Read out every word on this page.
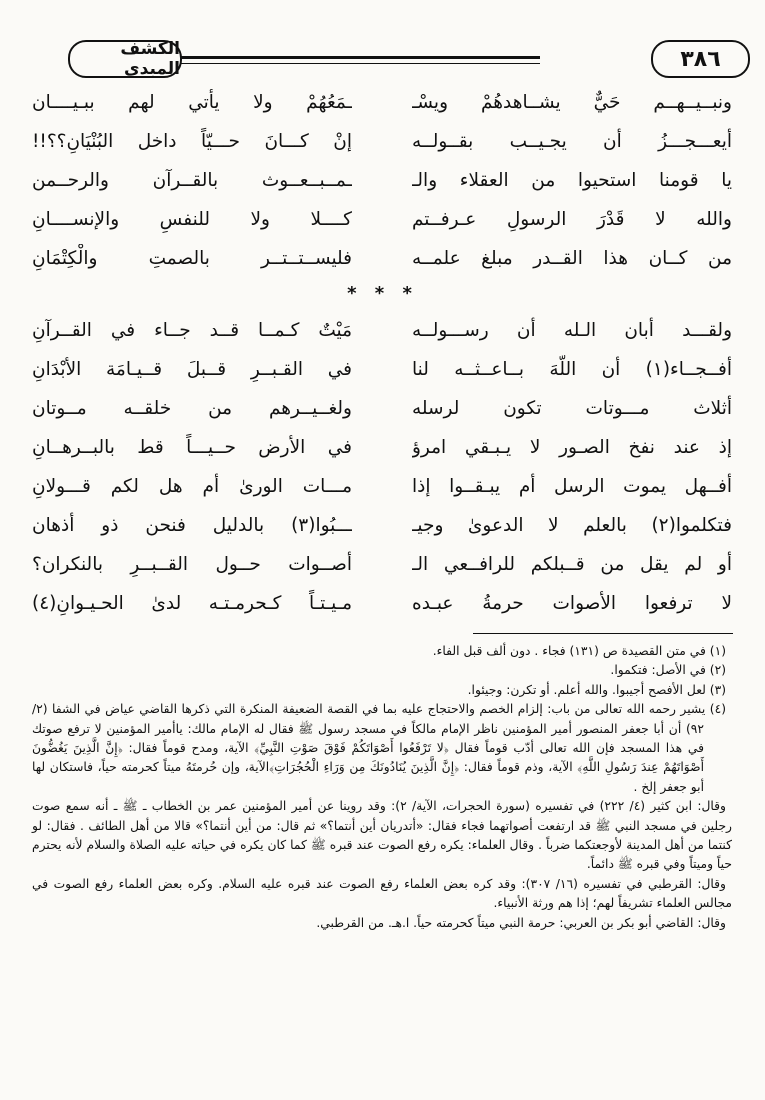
الكشف المبدي	٣٨٦
ونبــيــهــم حَيٌّ يشــاهدهُمْ ويسْـ
ـمَعُهُمْ ولا يأتي لهم ببـيــــان
أيعـــجـــزُ أن يجـيــب بقــولــه
إنْ كـــانَ حـــيّاً داخل البُنْيَانِ؟؟!!
يا قومنا استحيوا من العقلاء والـ
ـمــبــعــوث بالقــرآن والرحــمن
والله لا قَدْرَ الرسولِ عـرفــتم
كــــلا ولا للنفسِ والإنســــانِ
من كــان هذا القــدر مبلغ علمــه
فليســتــتــر بالصمتِ والْكِتْمَانِ
* * *
ولقـــد أبان الـله أن رســـولــه
مَيْتٌ كـمــا قــد جــاء في القــرآنِ
أفــجــاء(١) أن اللّهَ بــاعــثــه لنا
في القـبــرِ قــبلَ قــيـامَة الأبْدَانِ
أثلاث مـــوتات تكون لرسله
ولغــيــرهم من خلقــه مــوتان
إذ عند نفخ الصـور لا يـبـقي امرؤ
في الأرض حــيـــاً قط بالبــرهــانِ
أفــهل يموت الرسل أم يبـقــوا إذا
مـــات الورىٰ أم هل لكم قـــولانِ
فتكلموا(٢) بالعلم لا الدعوىٰ وجيـ
ـــبُوا(٣) بالدليل فنحن ذو أذهان
أو لم يقل من قــبلكم للرافــعي الـ
أصــوات حــول القــبــرِ بالنكران؟
لا ترفعوا الأصوات حرمةُ عبـده
مـيـتـاً كـحرمـتـه لدىٰ الحـيـوانِ(٤)

(١) في متن القصيدة ص (١٣١) فجاء . دون ألف قبل الفاء.

(٢) في الأصل: فتكموا.

(٣) لعل الأفصح أجيبوا. والله أعلم. أو تكرن: وجيئوا.

(٤) يشير رحمه الله تعالى من باب: إلزام الخصم والاحتجاج عليه بما في القصة الضعيفة المنكرة التي ذكرها القاضي عياض في الشفا (٢/ ٩٢) أن أبا جعفر المنصور أمير المؤمنين ناظر الإمام مالكاً في مسجد رسول ﷺ فقال له الإمام مالك: ياأمير المؤمنين لا ترفع صوتك في هذا المسجد فإن الله تعالى أدّب قوماً فقال ﴿لا تَرْفَعُوا أَصْوَاتَكُمْ فَوْقَ صَوْتِ النَّبِيِّ﴾ الآية، ومدح قوماً فقال: ﴿إِنَّ الَّذِينَ يَغُضُّونَ أَصْوَاتَهُمْ عِندَ رَسُولِ اللَّهِ﴾ الآية، وذم قوماً فقال: ﴿إِنَّ الَّذِينَ يُنَادُونَكَ مِن وَرَاءِ الْحُجُرَاتِ﴾الآية، وإن حُرمتَهُ ميتاً كحرمته حياً، فاستكان لها أبو جعفر إلخ .

وقال: ابن كثير (٤/ ٢٢٢) في تفسيره (سورة الحجرات، الآية/ ٢): وقد روينا عن أمير المؤمنين عمر بن الخطاب ـ ﷺ ـ أنه سمع صوت رجلين في مسجد النبي ﷺ قد ارتفعت أصواتهما فجاء فقال: «أتدريان أين أنتما؟» ثم قال: من أين أنتما؟» قالا من أهل الطائف . فقال: لو كنتما من أهل المدينة لأوجعتكما ضرباً . وقال العلماء: يكره رفع الصوت عند قبره ﷺ كما كان يكره في حياته عليه الصلاة والسلام لأنه يحترم حياً وميتاً وفي قبره ﷺ دائماً.

وقال: القرطبي في تفسيره (١٦/ ٣٠٧): وقد كره بعض العلماء رفع الصوت عند قبره عليه السلام. وكره بعض العلماء رفع الصوت في مجالس العلماء تشريفاً لهم؛ إذا هم ورثة الأنبياء.

وقال: القاضي أبو بكر بن العربي: حرمة النبي ميتاً كحرمته حياً. ا.هـ. من القرطبي.
